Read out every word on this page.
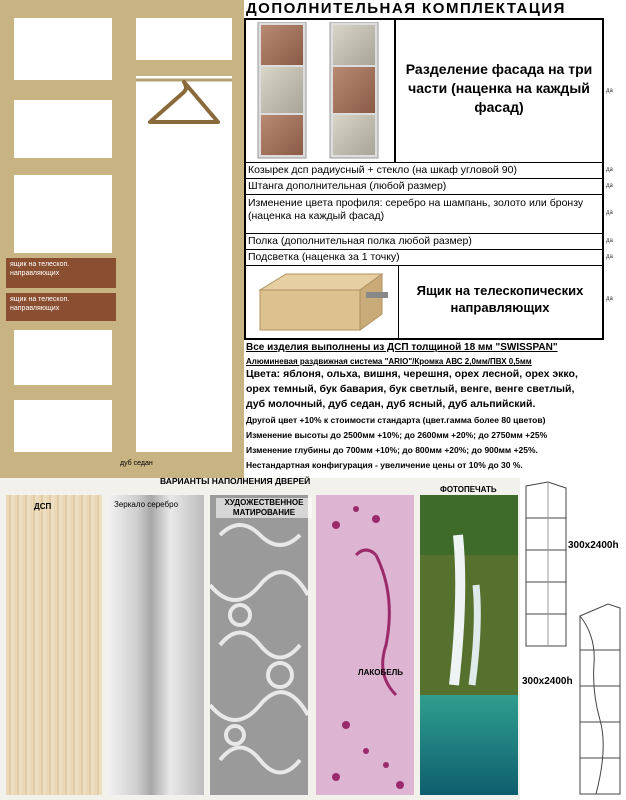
ящик на телескоп. направляющих
ящик на телескоп. направляющих
дуб седан
ДОПОЛНИТЕЛЬНАЯ КОМПЛЕКТАЦИЯ
Разделение фасада на три части (наценка на каждый фасад)
Козырек дсп радиусный + стекло (на шкаф угловой 90)
Штанга дополнительная (любой размер)
Изменение цвета профиля: серебро на шампань, золото или бронзу (наценка на каждый фасад)
Полка (дополнительная полка любой размер)
Подсветка (наценка за 1 точку)
Ящик на телескопических направляющих
да
да
да
да
да
да
да
Все изделия выполнены из ДСП толщиной 18 мм "SWISSPAN"
Алюминевая раздвижная система "ARIO"/Кромка АВС 2,0мм/ПВХ 0,5мм
Цвета: яблоня, ольха, вишня, черешня, орех лесной, орех экко,
орех темный, бук бавария, бук светлый, венге, венге светлый,
дуб молочный, дуб седан, дуб ясный, дуб альпийский.
Другой цвет +10% к стоимости стандарта (цвет.гамма более 80 цветов)
Изменение высоты до 2500мм +10%; до 2600мм +20%; до 2750мм +25%
Изменение глубины до 700мм +10%; до 800мм +20%; до 900мм +25%.
Нестандартная конфигурация - увеличение цены от 10% до 30 %.
ВАРИАНТЫ НАПОЛНЕНИЯ ДВЕРЕЙ
ДСП	Зеркало серебро	ХУДОЖЕСТВЕННОЕ МАТИРОВАНИЕ
ЛАКОБЕЛЬ
ФОТОПЕЧАТЬ
300x2400h
300x2400h
